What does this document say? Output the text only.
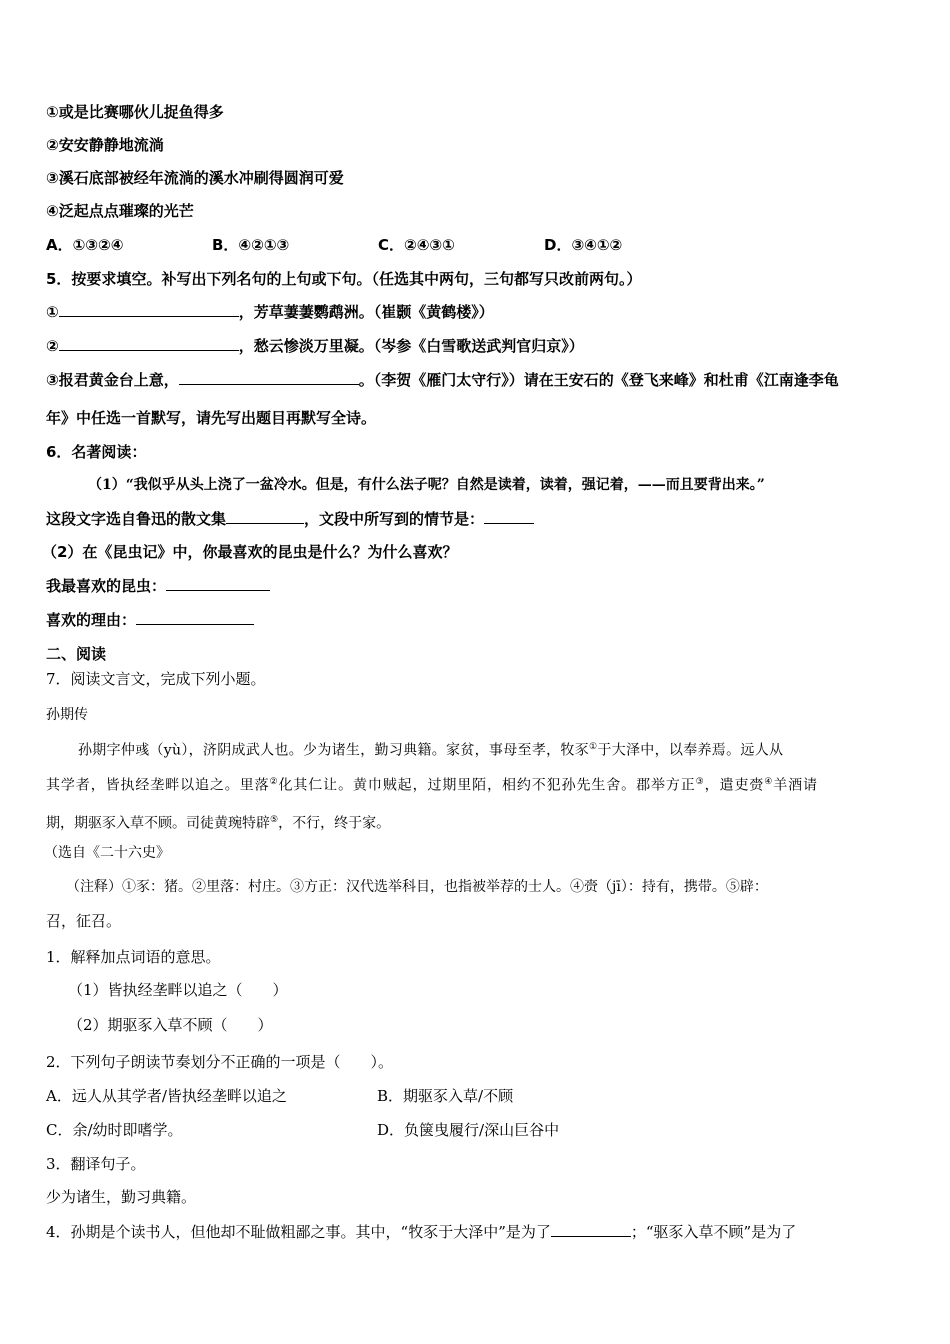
①或是比赛哪伙儿捉鱼得多
②安安静静地流淌
③溪石底部被经年流淌的溪水冲刷得圆润可爱
④泛起点点璀璨的光芒
A．①③②④	B．④②①③	C．②④③①	D．③④①②
5．按要求填空。补写出下列名句的上句或下句。（任选其中两句，三句都写只改前两句。）
①	，芳草萋萋鹦鹉洲。（崔颢《黄鹤楼》）
②	，愁云惨淡万里凝。（岑参《白雪歌送武判官归京》）
③报君黄金台上意，	。（李贺《雁门太守行》）请在王安石的《登飞来峰》和杜甫《江南逢李龟
年》中任选一首默写，请先写出题目再默写全诗。
6．名著阅读：
（1）“我似乎从头上浇了一盆冷水。但是，有什么法子呢？自然是读着，读着，强记着，——而且要背出来。”
这段文字选自鲁迅的散文集	，文段中所写到的情节是：
（2）在《昆虫记》中，你最喜欢的昆虫是什么？为什么喜欢？
我最喜欢的昆虫：
喜欢的理由：
二、阅读
7．阅读文言文，完成下列小题。
孙期传
孙期字仲彧（yù），济阴成武人也。少为诸生，勤习典籍。家贫，事母至孝，牧豕①于大泽中，以奉养焉。远人从
其学者，皆执经垄畔以追之。里落②化其仁让。黄巾贼起，过期里陌，相约不犯孙先生舍。郡举方正③，遣吏赍④羊酒请
期，期驱豕入草不顾。司徒黄琬特辟⑤，不行，终于家。
（选自《二十六史》
（注释）①豕：猪。②里落：村庄。③方正：汉代选举科目，也指被举荐的士人。④赍（jī）：持有，携带。⑤辟：
召，征召。
1．解释加点词语的意思。
（1）皆执经垄畔以追之（　　）
（2）期驱豕入草不顾（　　）
2．下列句子朗读节奏划分不正确的一项是（　　）。
A．远人从其学者/皆执经垄畔以追之	B．期驱豕入草/不顾
C．余/幼时即嗜学。	D．负箧曳履行/深山巨谷中
3．翻译句子。
少为诸生，勤习典籍。
4．孙期是个读书人，但他却不耻做粗鄙之事。其中，“牧豕于大泽中”是为了	；“驱豕入草不顾”是为了
